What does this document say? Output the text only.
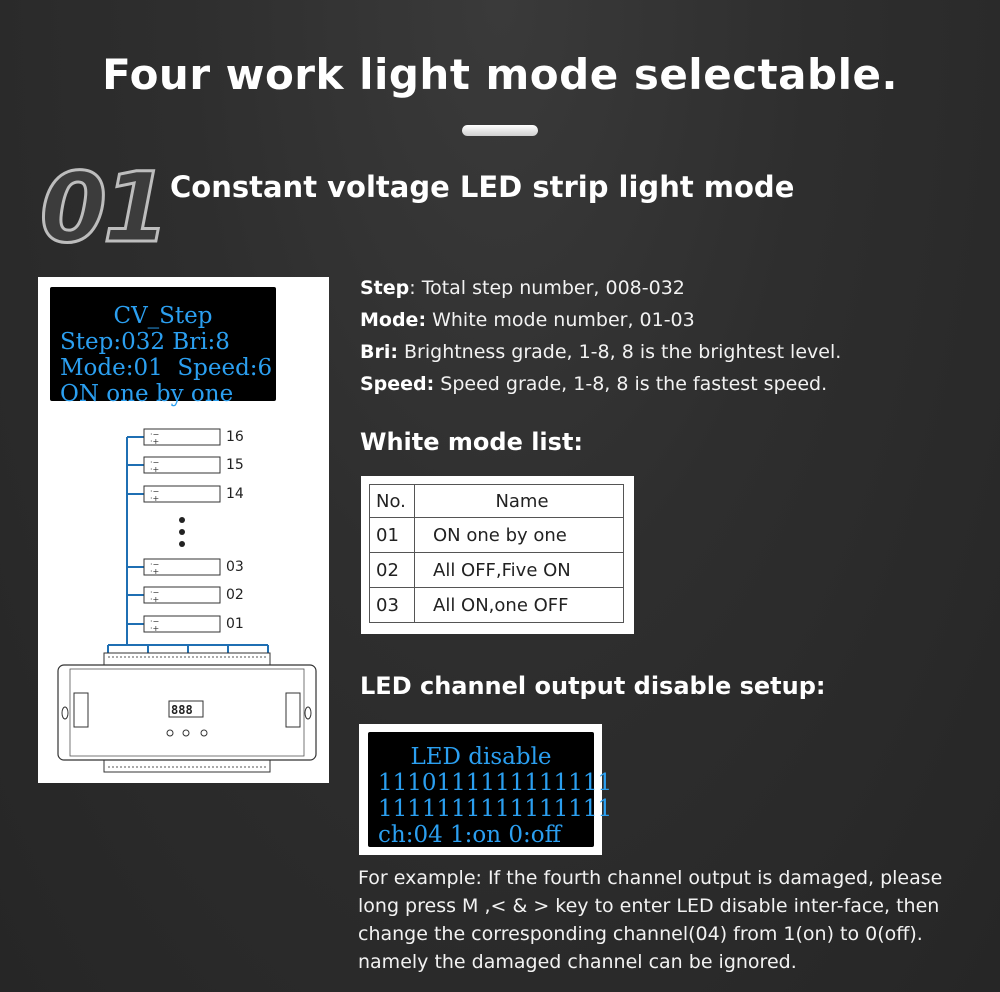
Four work light mode selectable.
01 Constant voltage LED strip light mode
CV_Step
Step:032 Bri:8
Mode:01  Speed:6
ON one by one
·−
·+
·−
·+
·−
·+
·−
·+
·−
·+
·−
·+
888
16
15
14
03
02
01
Step: Total step number, 008-032
Mode: White mode number, 01-03
Bri: Brightness grade, 1-8, 8 is the brightest level.
Speed: Speed grade, 1-8, 8 is the fastest speed.
White mode list:
No.	Name
01	ON one by one
02	All OFF,Five ON
03	All ON,one OFF
LED channel output disable setup:
LED disable
1110111111111111
1111111111111111
ch:04 1:on 0:off
For example: If the fourth channel output is damaged, please long press M ,< & > key to enter LED disable inter-face, then change the corresponding channel(04) from 1(on) to 0(off). namely the damaged channel can be ignored.
